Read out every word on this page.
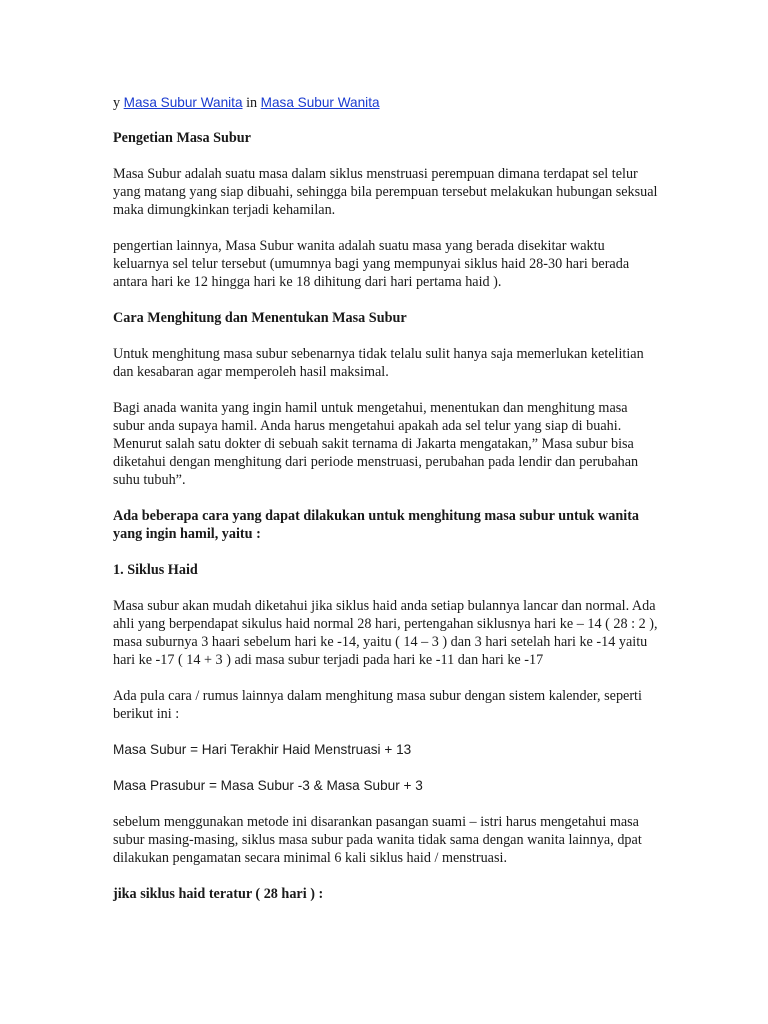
y Masa Subur Wanita in Masa Subur Wanita

Pengetian Masa Subur

Masa Subur adalah suatu masa dalam siklus menstruasi perempuan dimana terdapat sel telur yang matang yang siap dibuahi, sehingga bila perempuan tersebut melakukan hubungan seksual maka dimungkinkan terjadi kehamilan.

pengertian lainnya, Masa Subur wanita adalah suatu masa yang berada disekitar waktu keluarnya sel telur tersebut (umumnya bagi yang mempunyai siklus haid 28-30 hari berada antara hari ke 12 hingga hari ke 18 dihitung dari hari pertama haid ).

Cara Menghitung dan Menentukan Masa Subur

Untuk menghitung masa subur sebenarnya tidak telalu sulit hanya saja memerlukan ketelitian dan kesabaran agar memperoleh hasil maksimal.

Bagi anada wanita yang ingin hamil untuk mengetahui, menentukan dan menghitung masa subur anda supaya hamil. Anda harus mengetahui apakah ada sel telur yang siap di buahi. Menurut salah satu dokter di sebuah sakit ternama di Jakarta mengatakan,” Masa subur bisa diketahui dengan menghitung dari periode menstruasi, perubahan pada lendir dan perubahan suhu tubuh”.

Ada beberapa cara yang dapat dilakukan untuk menghitung masa subur untuk wanita yang ingin hamil, yaitu :
1. Siklus Haid

Masa subur akan mudah diketahui jika siklus haid anda setiap bulannya lancar dan normal. Ada ahli yang berpendapat sikulus haid normal 28 hari, pertengahan siklusnya hari ke – 14 ( 28 : 2 ), masa suburnya 3 haari sebelum hari ke -14, yaitu ( 14 – 3 ) dan 3 hari setelah hari ke -14 yaitu hari ke -17 ( 14 + 3 ) adi masa subur terjadi pada hari ke -11 dan hari ke -17

Ada pula cara / rumus lainnya dalam menghitung masa subur dengan sistem kalender, seperti berikut ini :

Masa Subur = Hari Terakhir Haid Menstruasi + 13

Masa Prasubur = Masa Subur -3 & Masa Subur + 3

sebelum menggunakan metode ini disarankan pasangan suami – istri harus mengetahui masa subur masing-masing, siklus masa subur pada wanita tidak sama dengan wanita lainnya, dpat dilakukan pengamatan secara minimal 6 kali siklus haid / menstruasi.

jika siklus haid teratur ( 28 hari ) :
